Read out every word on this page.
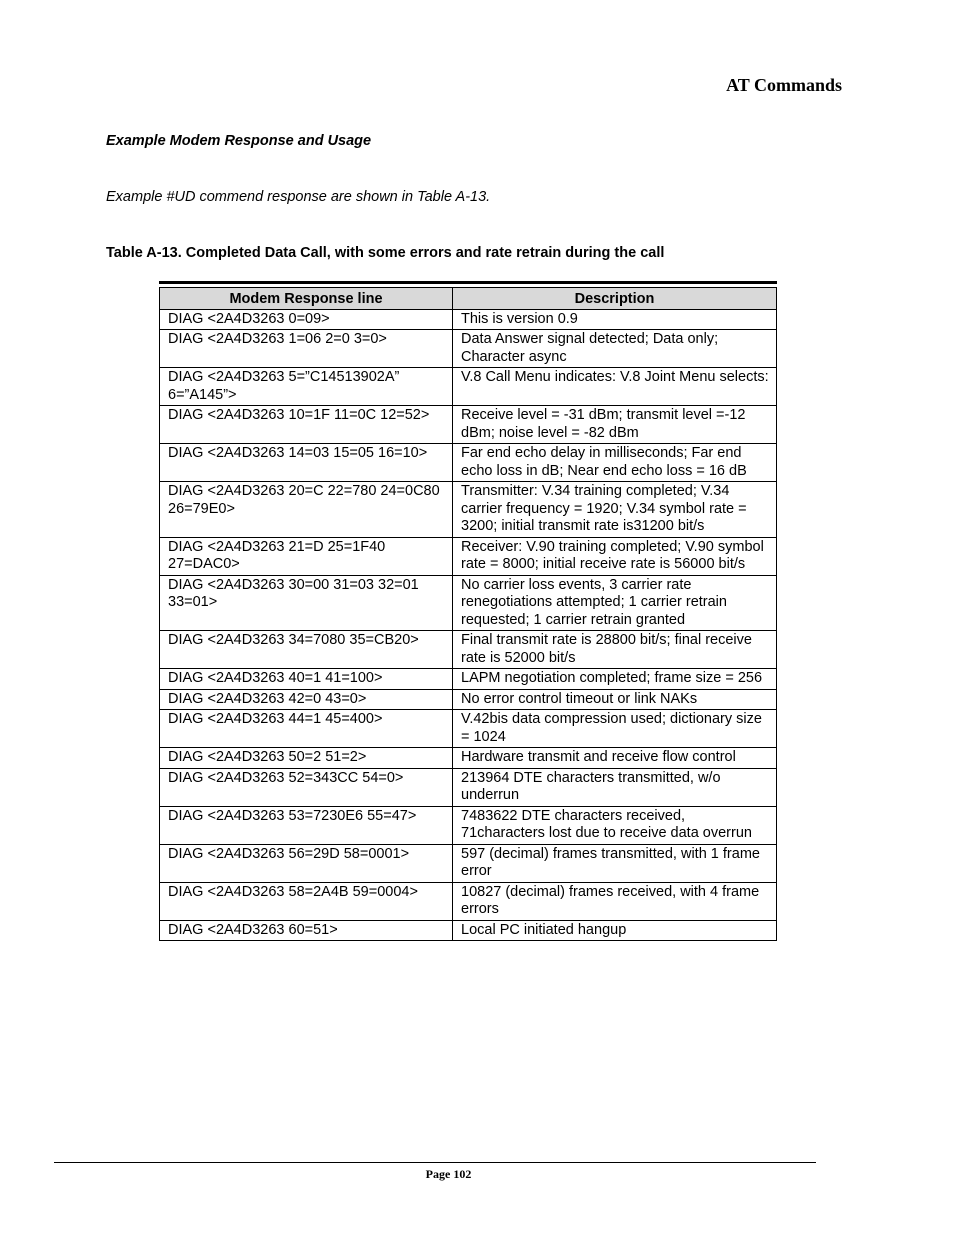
AT Commands
Example Modem Response and Usage
Example #UD commend response are shown in Table A-13.
Table A-13. Completed Data Call, with some errors and rate retrain during the call
Modem Response line	Description
DIAG <2A4D3263 0=09>	This is version 0.9
DIAG <2A4D3263 1=06 2=0 3=0>	Data Answer signal detected; Data only; Character async
DIAG <2A4D3263 5=”C14513902A” 6=”A145”>	V.8 Call Menu indicates: V.8 Joint Menu selects:
DIAG <2A4D3263 10=1F 11=0C 12=52>	Receive level = -31 dBm; transmit level =-12 dBm; noise level = -82 dBm
DIAG <2A4D3263 14=03 15=05 16=10>	Far end echo delay in milliseconds; Far end echo loss in dB; Near end echo loss = 16 dB
DIAG <2A4D3263 20=C 22=780 24=0C80 26=79E0>	Transmitter: V.34 training completed; V.34 carrier frequency = 1920; V.34 symbol rate = 3200; initial transmit rate is31200 bit/s
DIAG <2A4D3263 21=D 25=1F40 27=DAC0>	Receiver: V.90 training completed; V.90 symbol rate = 8000; initial receive rate is 56000 bit/s
DIAG <2A4D3263 30=00 31=03 32=01 33=01>	No carrier loss events, 3 carrier rate renegotiations attempted; 1 carrier retrain requested; 1 carrier retrain granted
DIAG <2A4D3263 34=7080 35=CB20>	Final transmit rate is 28800 bit/s; final receive rate is 52000 bit/s
DIAG <2A4D3263 40=1 41=100>	LAPM negotiation completed; frame size = 256
DIAG <2A4D3263 42=0 43=0>	No error control timeout or link NAKs
DIAG <2A4D3263 44=1 45=400>	V.42bis data compression used; dictionary size = 1024
DIAG <2A4D3263 50=2 51=2>	Hardware transmit and receive flow control
DIAG <2A4D3263 52=343CC 54=0>	213964 DTE characters transmitted, w/o underrun
DIAG <2A4D3263 53=7230E6 55=47>	7483622 DTE characters received, 71characters lost due to receive data overrun
DIAG <2A4D3263 56=29D 58=0001>	597 (decimal) frames transmitted, with 1 frame error
DIAG <2A4D3263 58=2A4B 59=0004>	10827 (decimal) frames received, with 4 frame errors
DIAG <2A4D3263 60=51>	Local PC initiated hangup
Page 102
